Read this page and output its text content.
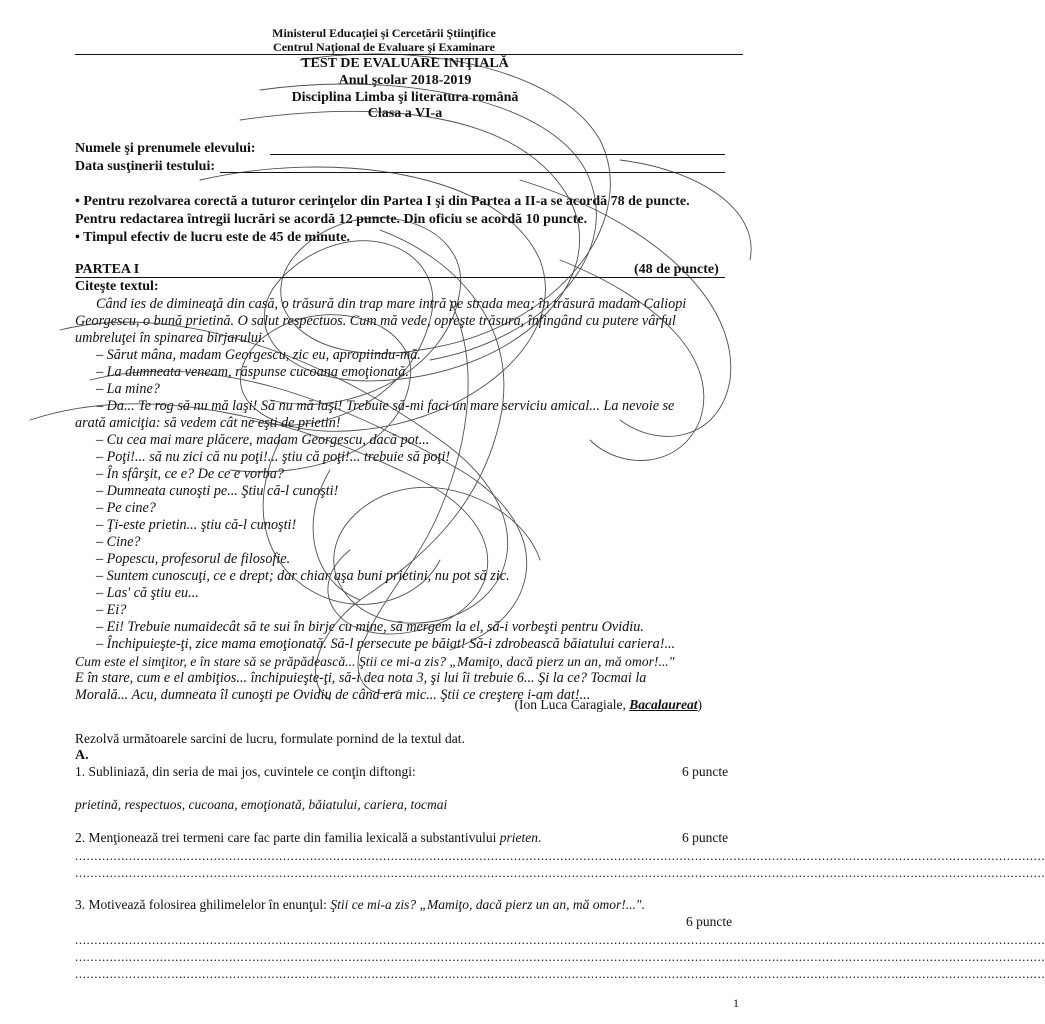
Ministerul Educaţiei şi Cercetării Ştiinţifice
Centrul Naţional de Evaluare şi Examinare
TEST DE EVALUARE INIŢIALĂ
Anul şcolar 2018-2019
Disciplina Limba şi literatura română
Clasa a VI-a
Numele şi prenumele elevului:
Data susţinerii testului:
• Pentru rezolvarea corectă a tuturor cerinţelor din Partea I şi din Partea a II-a se acordă 78 de puncte.
Pentru redactarea întregii lucrări se acordă 12 puncte. Din oficiu se acordă 10 puncte.
• Timpul efectiv de lucru este de 45 de minute.
PARTEA I	(48 de puncte)
Citeşte textul:
Când ies de dimineaţă din casă, o trăsură din trap mare intră pe strada mea; în trăsură madam Caliopi
Georgescu, o bună prietină. O salut respectuos. Cum mă vede, opreşte trăsura, înfingând cu putere vârful
umbreluţei în spinarea birjarului.
– Sărut mâna, madam Georgescu, zic eu, apropiindu-mă.
– La dumneata veneam, răspunse cucoana emoţionată.
– La mine?
– Da... Te rog să nu mă laşi! Să nu mă laşi! Trebuie să-mi faci un mare serviciu amical... La nevoie se
arată amiciţia: să vedem cât ne eşti de prietin!
– Cu cea mai mare plăcere, madam Georgescu, dacă pot...
– Poţi!... să nu zici că nu poţi!... ştiu că poţi!... trebuie să poţi!
– În sfârşit, ce e? De ce e vorba?
– Dumneata cunoşti pe... Ştiu că-l cunoşti!
– Pe cine?
– Ţi-este prietin... ştiu că-l cunoşti!
– Cine?
– Popescu, profesorul de filosofie.
– Suntem cunoscuţi, ce e drept; dar chiar aşa buni prietini, nu pot să zic.
– Las' că ştiu eu...
– Ei?
– Ei! Trebuie numaidecât să te sui în birje cu mine, să mergem la el, să-i vorbeşti pentru Ovidiu.
– Închipuieşte-ţi, zice mama emoţionată. Să-l persecute pe băiat! Să-i zdrobească băiatului cariera!...
Cum este el simţitor, e în stare să se prăpădească... Ştii ce mi-a zis? „Mamiţo, dacă pierz un an, mă omor!..."
E în stare, cum e el ambiţios... închipuieşte-ţi, să-i dea nota 3, şi lui îi trebuie 6... Şi la ce? Tocmai la
Morală... Acu, dumneata îl cunoşti pe Ovidiu de când era mic... Ştii ce creştere i-am dat!...
(Ion Luca Caragiale, Bacalaureat)
Rezolvă următoarele sarcini de lucru, formulate pornind de la textul dat.
A.
1. Subliniază, din seria de mai jos, cuvintele ce conţin diftongi:	6 puncte
prietină, respectuos, cucoana, emoţionată, băiatului, cariera, tocmai
2. Menţionează trei termeni care fac parte din familia lexicală a substantivului prieten.	6 puncte
............................................................................................................................................................................................................................................................
............................................................................................................................................................................................................................................................
3. Motivează folosirea ghilimelelor în enunţul: Ştii ce mi-a zis? „Mamiţo, dacă pierz un an, mă omor!...".
6 puncte
............................................................................................................................................................................................................................................................
............................................................................................................................................................................................................................................................
............................................................................................................................................................................................................................................................
1
